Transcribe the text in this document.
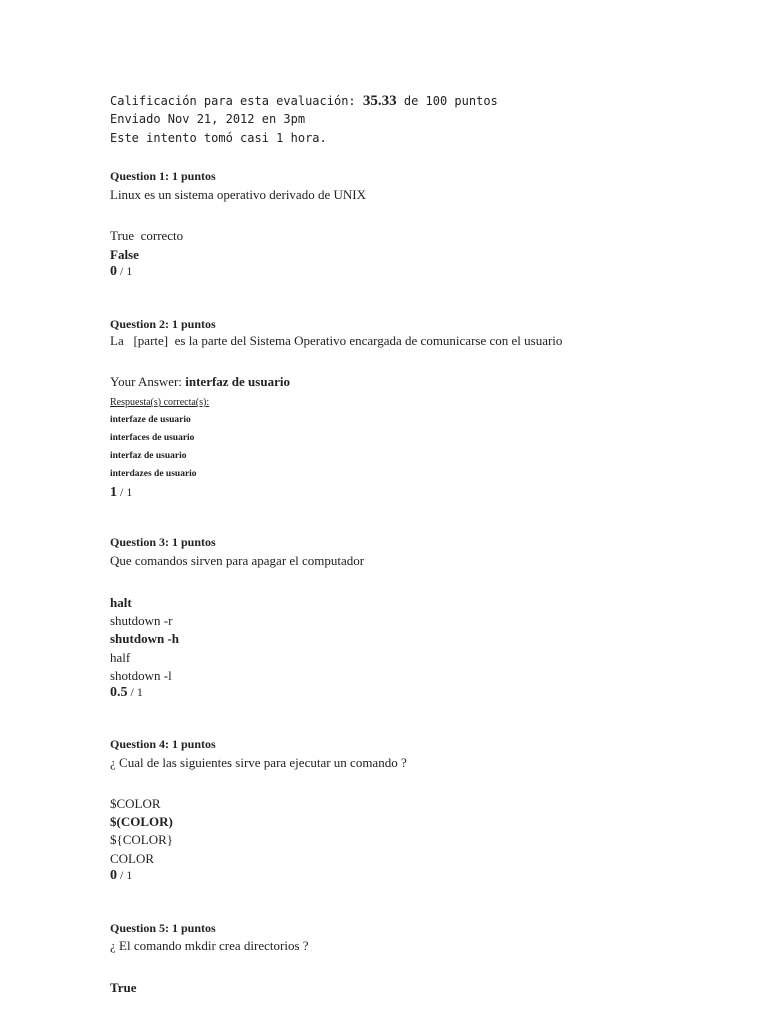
Calificación para esta evaluación: 35.33 de 100 puntos
Enviado Nov 21, 2012 en 3pm
Este intento tomó casi 1 hora.
Question 1: 1 puntos
Linux es un sistema operativo derivado de UNIX
True correcto
False
0 / 1
Question 2: 1 puntos
La [parte] es la parte del Sistema Operativo encargada de comunicarse con el usuario
Your Answer: interfaz de usuario
Respuesta(s) correcta(s):
interfaze de usuario
interfaces de usuario
interfaz de usuario
interdazes de usuario
1 / 1
Question 3: 1 puntos
Que comandos sirven para apagar el computador
halt
shutdown -r
shutdown -h
half
shotdown -l
0.5 / 1
Question 4: 1 puntos
¿ Cual de las siguientes sirve para ejecutar un comando ?
$COLOR
$(COLOR)
${COLOR}
COLOR
0 / 1
Question 5: 1 puntos
¿ El comando mkdir crea directorios ?
True
